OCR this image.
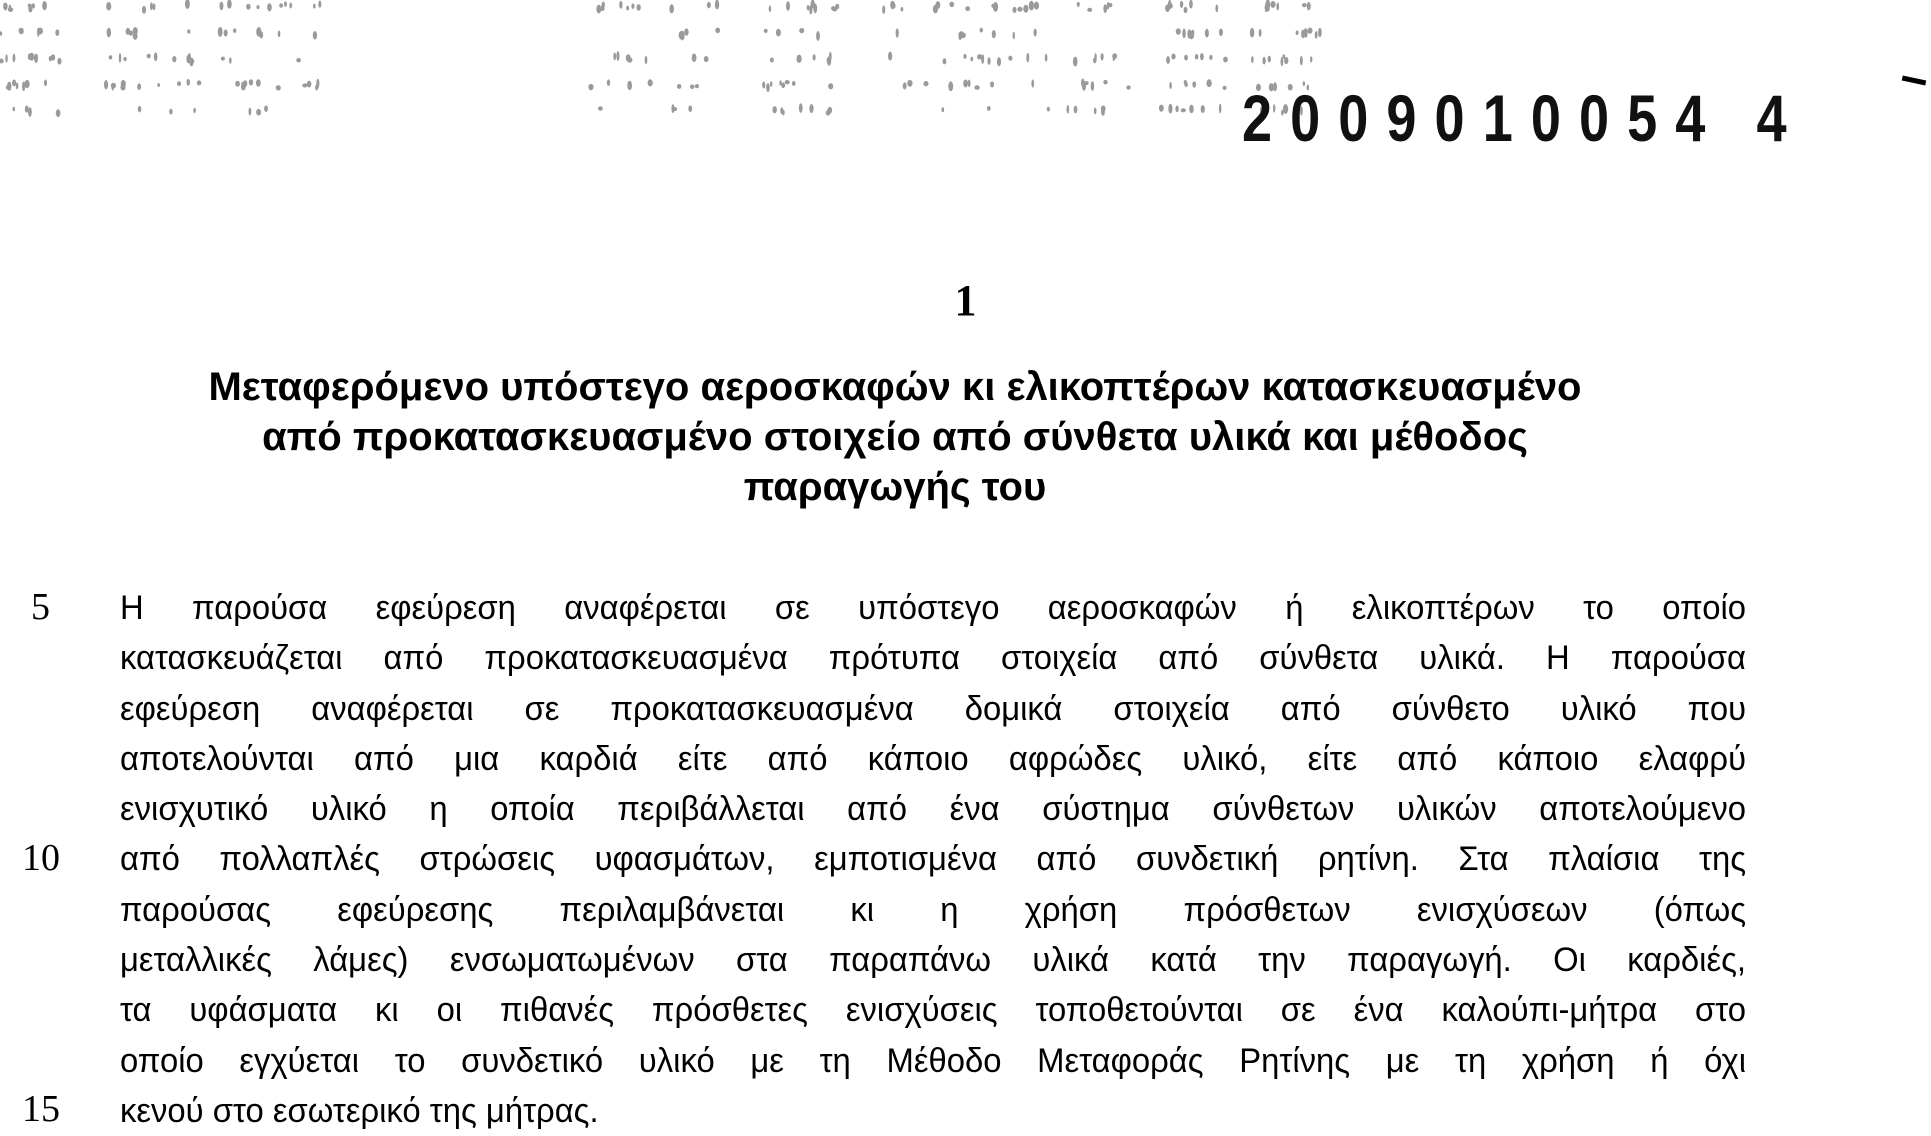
2009010054 4
1
Μεταφερόμενο υπόστεγο αεροσκαφών κι ελικοπτέρων κατασκευασμένο
από προκατασκευασμένο στοιχείο από σύνθετα υλικά και μέθοδος
παραγωγής του
5
10
15
Η παρούσα εφεύρεση αναφέρεται σε υπόστεγο αεροσκαφών ή ελικοπτέρων το οποίο
κατασκευάζεται από προκατασκευασμένα πρότυπα στοιχεία από σύνθετα υλικά. Η παρούσα
εφεύρεση αναφέρεται σε προκατασκευασμένα δομικά στοιχεία από σύνθετο υλικό που
αποτελούνται από μια καρδιά είτε από κάποιο αφρώδες υλικό, είτε από κάποιο ελαφρύ
ενισχυτικό υλικό η οποία περιβάλλεται από ένα σύστημα σύνθετων υλικών αποτελούμενο
από πολλαπλές στρώσεις υφασμάτων, εμποτισμένα από συνδετική ρητίνη. Στα πλαίσια της
παρούσας εφεύρεσης περιλαμβάνεται κι η χρήση πρόσθετων ενισχύσεων (όπως
μεταλλικές λάμες) ενσωματωμένων στα παραπάνω υλικά κατά την παραγωγή. Οι καρδιές,
τα υφάσματα κι οι πιθανές πρόσθετες ενισχύσεις τοποθετούνται σε ένα καλούπι-μήτρα στο
οποίο εγχύεται το συνδετικό υλικό με τη Μέθοδο Μεταφοράς Ρητίνης με τη χρήση ή όχι
κενού στο εσωτερικό της μήτρας.
